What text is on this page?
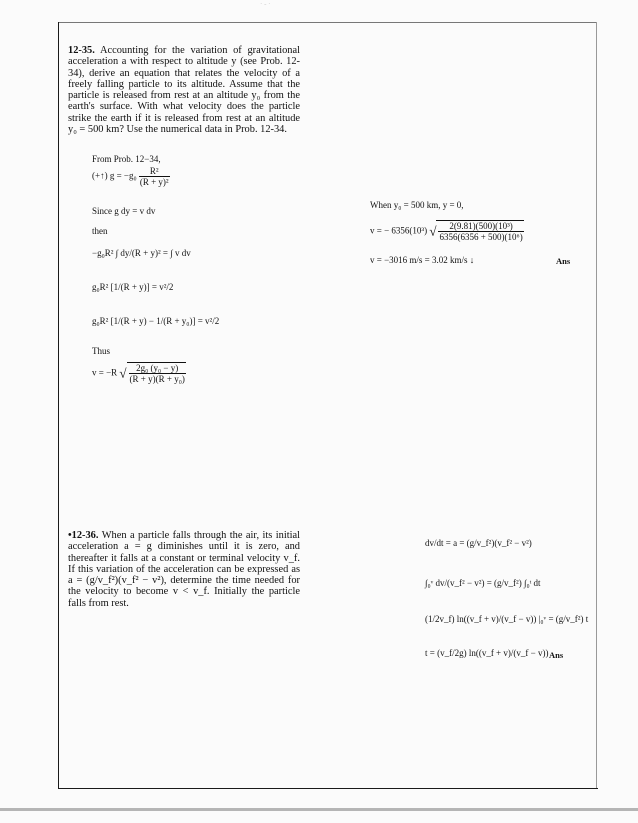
· - ·
12-35. Accounting for the variation of gravitational acceleration a with respect to altitude y (see Prob. 12-34), derive an equation that relates the velocity of a freely falling particle to its altitude. Assume that the particle is released from rest at an altitude y₀ from the earth's surface. With what velocity does the particle strike the earth if it is released from rest at an altitude y₀ = 500 km? Use the numerical data in Prob. 12-34.
From Prob. 12−34,
(+↑) $g = -g_0 \frac{\text{R²}}{\text{(R + y)²}}$
Since g dy = v dv
then
−g₀R² ∫ dy/(R + y)² = ∫ v dv
g₀R² [1/(R + y)] = v²/2
g₀R² [1/(R + y) − 1/(R + y₀)] = v²/2
Thus
v = −R √ $\frac{\text{2g₀ (y₀ − y)}}{\text{(R + y)(R + y₀)}}$
When y₀ = 500 km, y = 0,
v = − 6356(10³) √ $\frac{\text{2(9.81)(500)(10³)}}{\text{6356(6356 + 500)(10⁶)}}$
v = −3016 m/s = 3.02 km/s ↓	Ans
•12-36. When a particle falls through the air, its initial acceleration a = g diminishes until it is zero, and thereafter it falls at a constant or terminal velocity v_f. If this variation of the acceleration can be expressed as a = (g/v_f²)(v_f² − v²), determine the time needed for the velocity to become v < v_f. Initially the particle falls from rest.
dv/dt = a = (g/v_f²)(v_f² − v²)
∫₀ᵛ dv/(v_f² − v²) = (g/v_f²) ∫₀ᵗ dt
(1/2v_f) ln((v_f + v)/(v_f − v)) |₀ᵛ = (g/v_f²) t
t = (v_f/2g) ln((v_f + v)/(v_f − v)) Ans
